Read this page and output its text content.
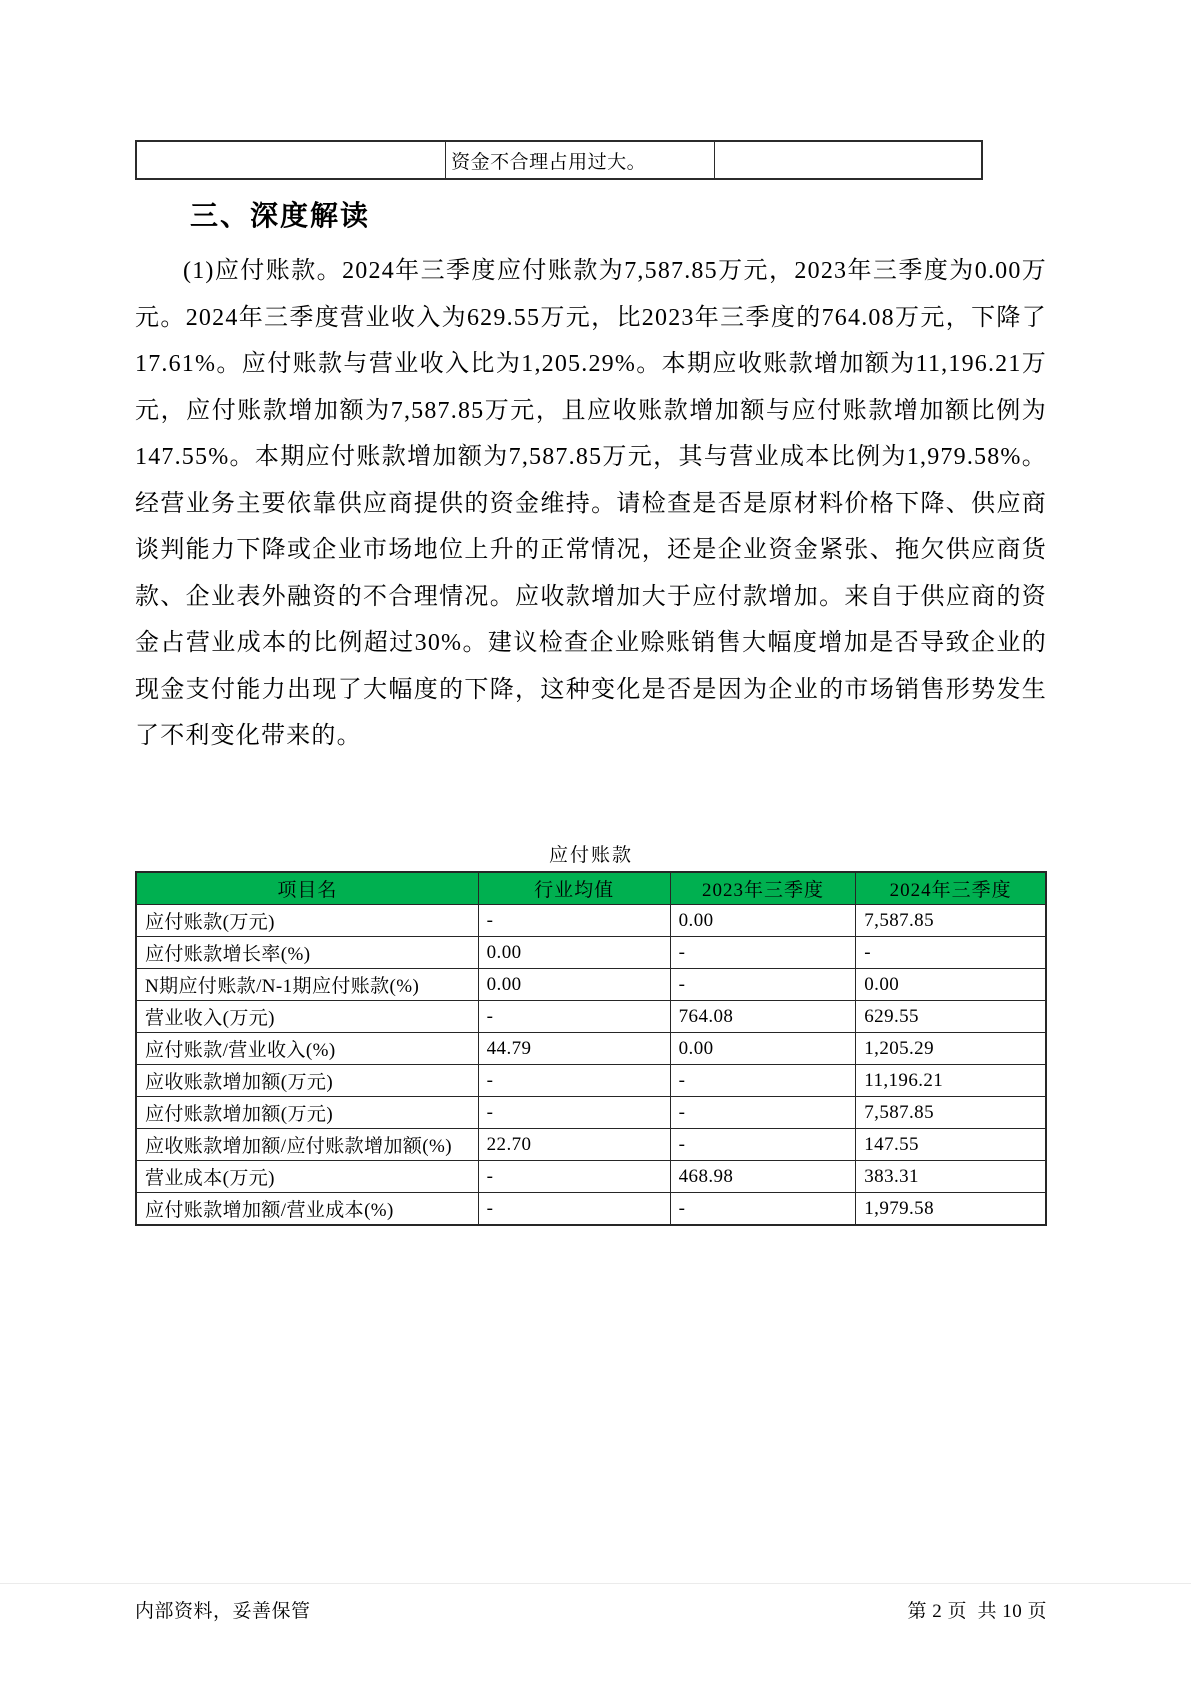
	资金不合理占用过大。	
三、深度解读

(1)应付账款。2024年三季度应付账款为7,587.85万元，2023年三季度为0.00万元。2024年三季度营业收入为629.55万元，比2023年三季度的764.08万元，下降了17.61%。应付账款与营业收入比为1,205.29%。本期应收账款增加额为11,196.21万元，应付账款增加额为7,587.85万元，且应收账款增加额与应付账款增加额比例为147.55%。本期应付账款增加额为7,587.85万元，其与营业成本比例为1,979.58%。经营业务主要依靠供应商提供的资金维持。请检查是否是原材料价格下降、供应商谈判能力下降或企业市场地位上升的正常情况，还是企业资金紧张、拖欠供应商货款、企业表外融资的不合理情况。应收款增加大于应付款增加。来自于供应商的资金占营业成本的比例超过30%。建议检查企业赊账销售大幅度增加是否导致企业的现金支付能力出现了大幅度的下降，这种变化是否是因为企业的市场销售形势发生了不利变化带来的。

应付账款
项目名	行业均值	2023年三季度	2024年三季度
应付账款(万元)	-	0.00	7,587.85
应付账款增长率(%)	0.00	-	-
N期应付账款/N-1期应付账款(%)	0.00	-	0.00
营业收入(万元)	-	764.08	629.55
应付账款/营业收入(%)	44.79	0.00	1,205.29
应收账款增加额(万元)	-	-	11,196.21
应付账款增加额(万元)	-	-	7,587.85
应收账款增加额/应付账款增加额(%)	22.70	-	147.55
营业成本(万元)	-	468.98	383.31
应付账款增加额/营业成本(%)	-	-	1,979.58
内部资料，妥善保管	第 2 页  共 10 页
